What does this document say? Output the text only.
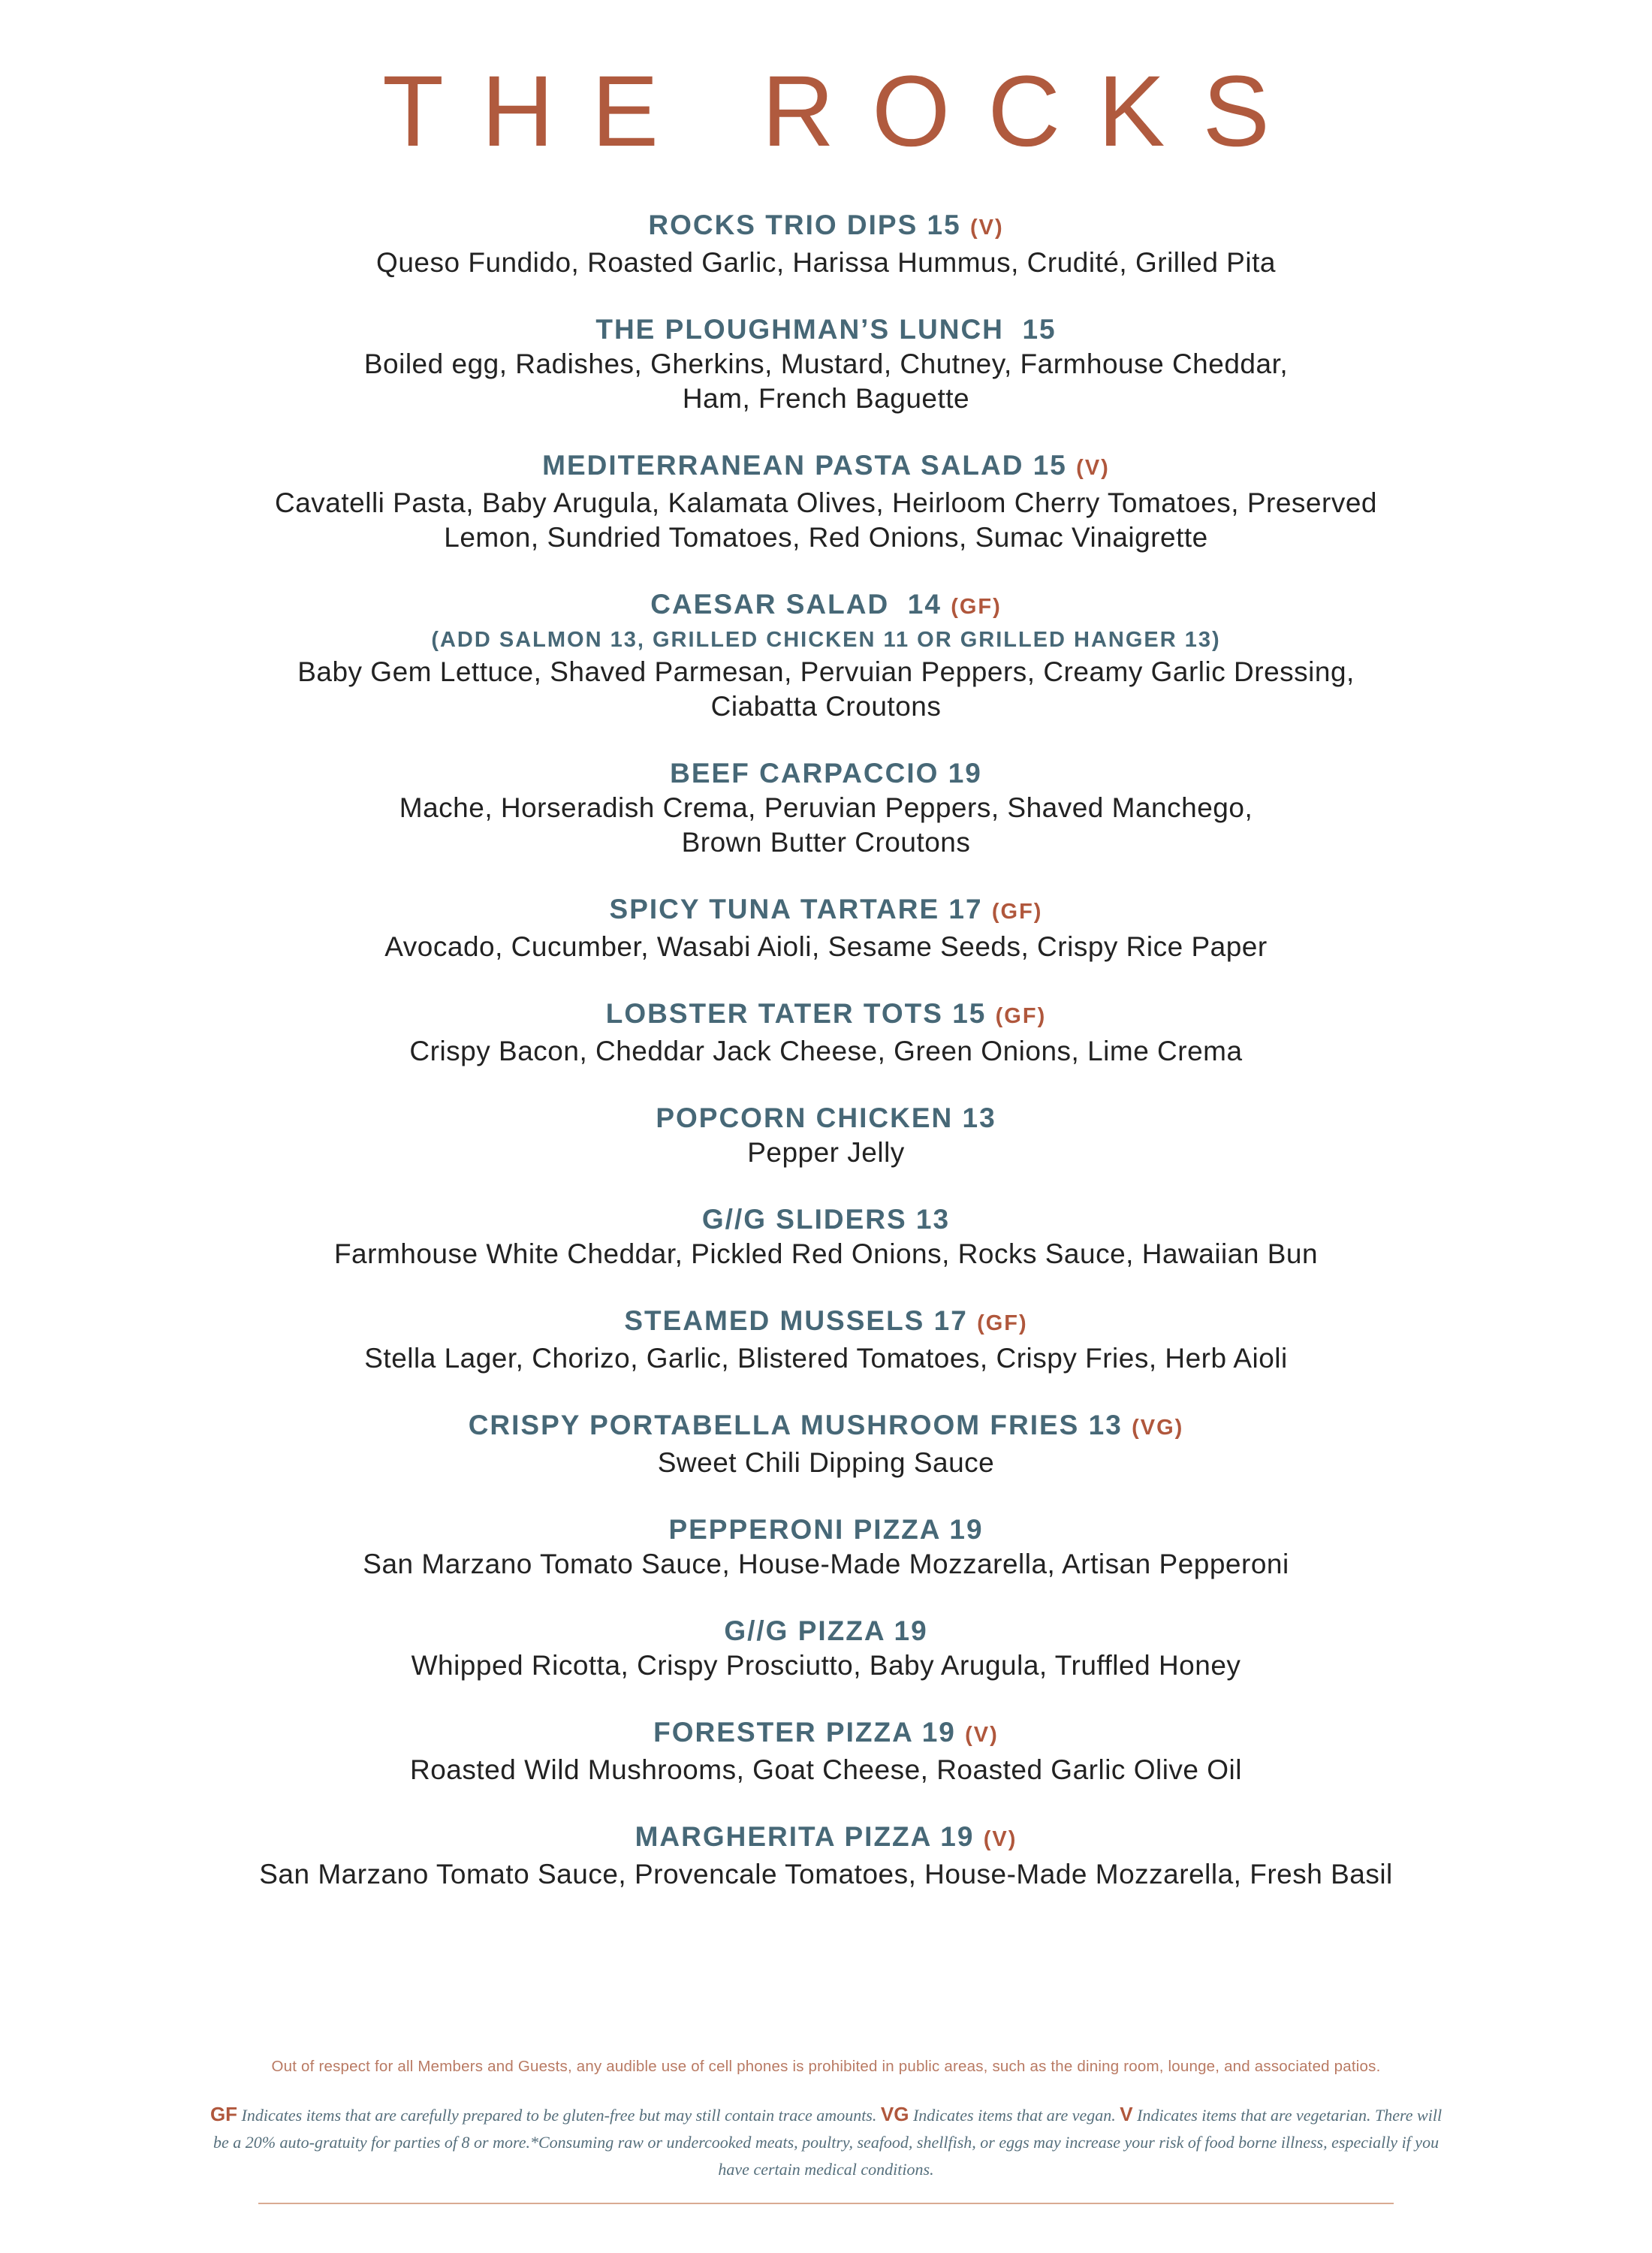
THE ROCKS
ROCKS TRIO DIPS 15 (V)
Queso Fundido, Roasted Garlic, Harissa Hummus, Crudité, Grilled Pita
THE PLOUGHMAN’S LUNCH  15
Boiled egg, Radishes, Gherkins, Mustard, Chutney, Farmhouse Cheddar,
Ham, French Baguette
MEDITERRANEAN PASTA SALAD 15 (V)
Cavatelli Pasta, Baby Arugula, Kalamata Olives, Heirloom Cherry Tomatoes, Preserved
Lemon, Sundried Tomatoes, Red Onions, Sumac Vinaigrette
CAESAR SALAD  14 (GF)
(ADD SALMON 13, GRILLED CHICKEN 11 OR GRILLED HANGER 13)
Baby Gem Lettuce, Shaved Parmesan, Pervuian Peppers, Creamy Garlic Dressing,
Ciabatta Croutons
BEEF CARPACCIO 19
Mache, Horseradish Crema, Peruvian Peppers, Shaved Manchego,
Brown Butter Croutons
SPICY TUNA TARTARE 17 (GF)
Avocado, Cucumber, Wasabi Aioli, Sesame Seeds, Crispy Rice Paper
LOBSTER TATER TOTS 15 (GF)
Crispy Bacon, Cheddar Jack Cheese, Green Onions, Lime Crema
POPCORN CHICKEN 13
Pepper Jelly
G//G SLIDERS 13
Farmhouse White Cheddar, Pickled Red Onions, Rocks Sauce, Hawaiian Bun
STEAMED MUSSELS 17 (GF)
Stella Lager, Chorizo, Garlic, Blistered Tomatoes, Crispy Fries, Herb Aioli
CRISPY PORTABELLA MUSHROOM FRIES 13 (VG)
Sweet Chili Dipping Sauce
PEPPERONI PIZZA 19
San Marzano Tomato Sauce, House-Made Mozzarella, Artisan Pepperoni
G//G PIZZA 19
Whipped Ricotta, Crispy Prosciutto, Baby Arugula, Truffled Honey
FORESTER PIZZA 19 (V)
Roasted Wild Mushrooms, Goat Cheese, Roasted Garlic Olive Oil
MARGHERITA PIZZA 19 (V)
San Marzano Tomato Sauce, Provencale Tomatoes, House-Made Mozzarella, Fresh Basil

Out of respect for all Members and Guests, any audible use of cell phones is prohibited in public areas, such as the dining room, lounge, and associated patios.

GF Indicates items that are carefully prepared to be gluten-free but may still contain trace amounts. VG Indicates items that are vegan. V Indicates items that are vegetarian. There will be a 20% auto-gratuity for parties of 8 or more.*Consuming raw or undercooked meats, poultry, seafood, shellfish, or eggs may increase your risk of food borne illness, especially if you have certain medical conditions.
